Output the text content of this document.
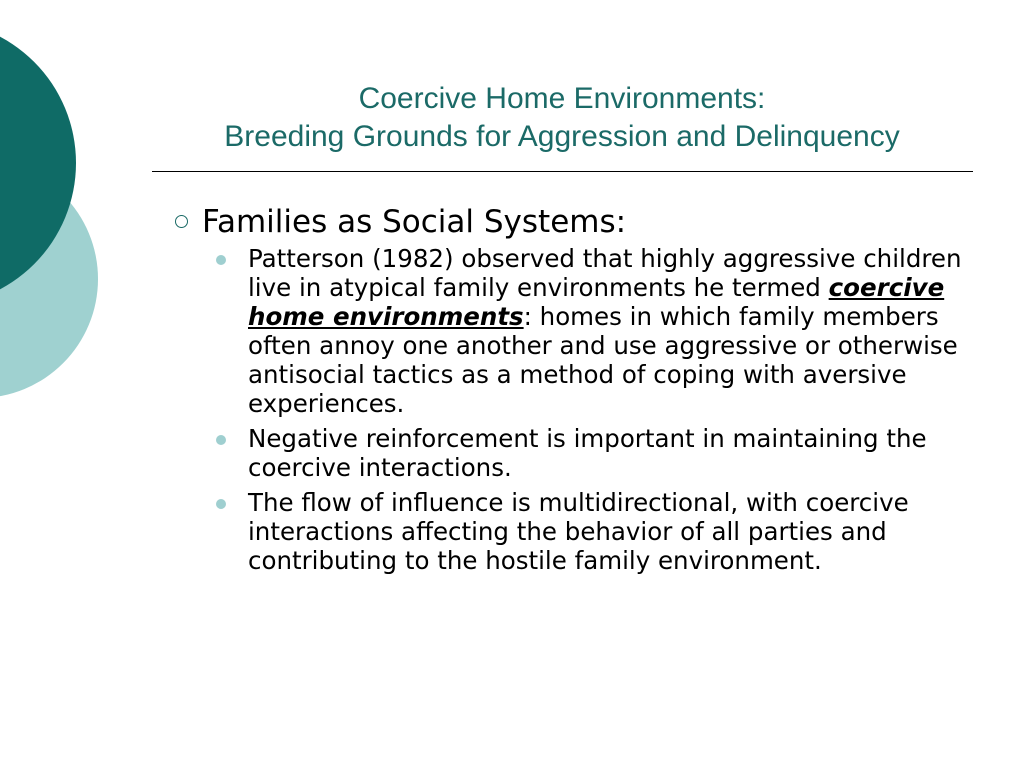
Coercive Home Environments:
Breeding Grounds for Aggression and Delinquency
Families as Social Systems:
Patterson (1982) observed that highly aggressive children live in atypical family environments he termed coercive home environments: homes in which family members often annoy one another and use aggressive or otherwise antisocial tactics as a method of coping with aversive experiences.
Negative reinforcement is important in maintaining the coercive interactions.
The flow of influence is multidirectional, with coercive interactions affecting the behavior of all parties and contributing to the hostile family environment.
